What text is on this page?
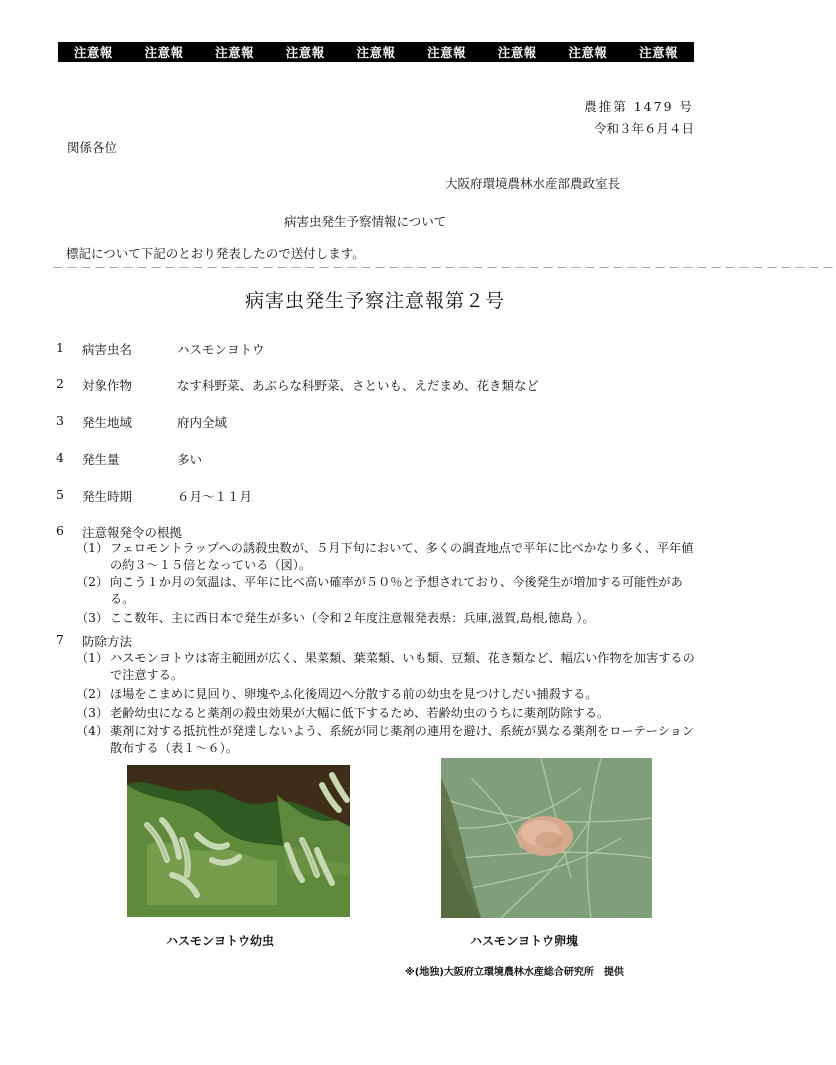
注意報	注意報	注意報	注意報	注意報	注意報	注意報	注意報	注意報
農推第 1479 号
令和３年６月４日
関係各位
大阪府環境農林水産部農政室長
病害虫発生予察情報について
標記について下記のとおり発表したので送付します。
－－－－－－－－－－－－－－－－－－－－－－－－－－－－－－－－－－－－－－－－－－－－－－－－－－－－－－－－
病害虫発生予察注意報第２号
1 病害虫名	ハスモンヨトウ
2 対象作物	なす科野菜、あぶらな科野菜、さといも、えだまめ、花き類など
3 発生地域	府内全域
4 発生量	多い
5 発生時期	６月～１１月
6 注意報発令の根拠
（1） フェロモントラップへの誘殺虫数が、５月下旬において、多くの調査地点で平年に比べかなり多く、平年値の約３～１５倍となっている（図）。
（2） 向こう１か月の気温は、平年に比べ高い確率が５０％と予想されており、今後発生が増加する可能性がある。
（3） ここ数年、主に西日本で発生が多い（令和２年度注意報発表県：兵庫,滋賀,島根,徳島 ）。
7 防除方法
（1） ハスモンヨトウは寄主範囲が広く、果菜類、葉菜類、いも類、豆類、花き類など、幅広い作物を加害するので注意する。
（2） ほ場をこまめに見回り、卵塊やふ化後周辺へ分散する前の幼虫を見つけしだい捕殺する。
（3） 老齢幼虫になると薬剤の殺虫効果が大幅に低下するため、若齢幼虫のうちに薬剤防除する。
（4） 薬剤に対する抵抗性が発達しないよう、系統が同じ薬剤の連用を避け、系統が異なる薬剤をローテーション散布する（表１～６）。
ハスモンヨトウ幼虫	ハスモンヨトウ卵塊
※(地独)大阪府立環境農林水産総合研究所　提供
